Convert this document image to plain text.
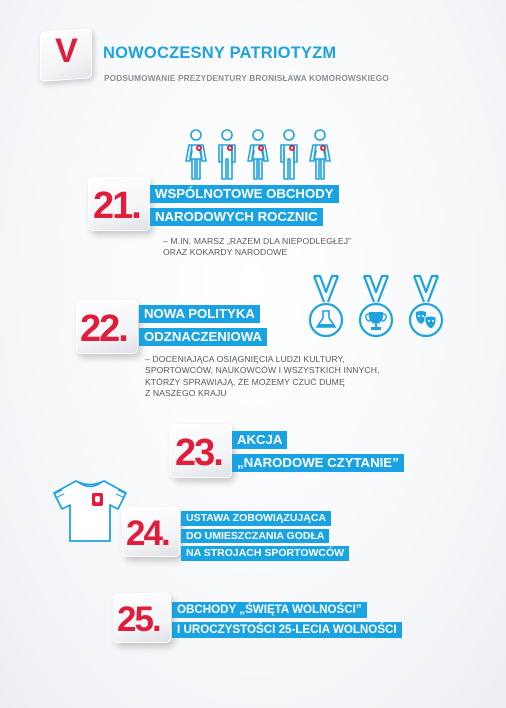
V	NOWOCZESNY PATRIOTYZM
PODSUMOWANIE PREZYDENTURY BRONISŁAWA KOMOROWSKIEGO
21.	WSPÓLNOTOWE OBCHODY
NARODOWYCH ROCZNIC
– M.IN. MARSZ „RAZEM DLA NIEPODLEGŁEJ”
ORAZ KOKARDY NARODOWE
22.	NOWA POLITYKA
ODZNACZENIOWA
– DOCENIAJĄCA OSIĄGNIĘCIA LUDZI KULTURY,
SPORTOWCÓW, NAUKOWCÓW I WSZYSTKICH INNYCH,
KTÓRZY SPRAWIAJĄ, ŻE MOŻEMY CZUĆ DUMĘ
Z NASZEGO KRAJU
23.	AKCJA
„NARODOWE CZYTANIE”
24.	USTAWA ZOBOWIĄZUJĄCA
DO UMIESZCZANIA GODŁA
NA STROJACH SPORTOWCÓW
25.	OBCHODY „ŚWIĘTA WOLNOŚCI”
I UROCZYSTOŚCI 25-LECIA WOLNOŚCI
